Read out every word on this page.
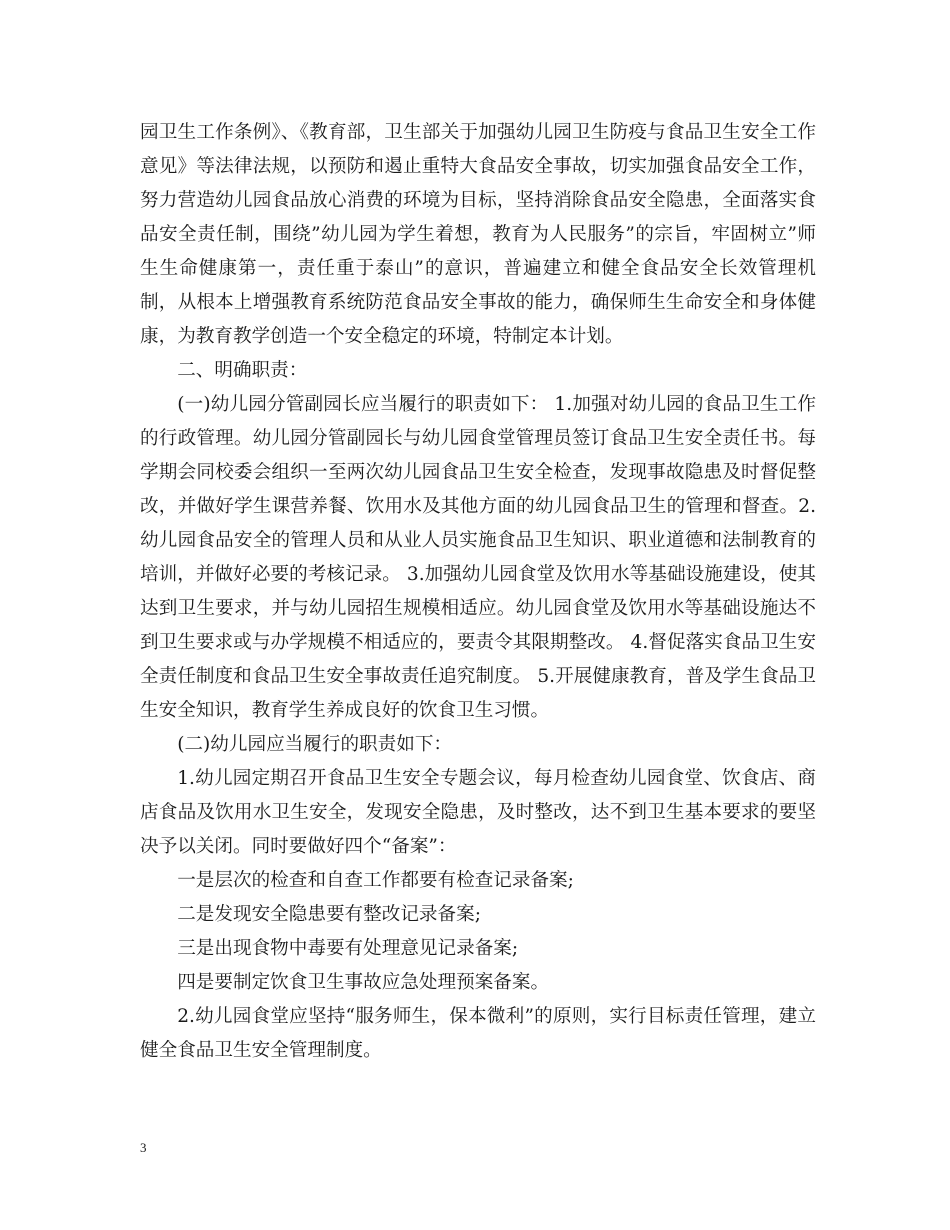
园卫生工作条例》、《教育部，卫生部关于加强幼儿园卫生防疫与食品卫生安全工作意见》等法律法规，以预防和遏止重特大食品安全事故，切实加强食品安全工作，努力营造幼儿园食品放心消费的环境为目标，坚持消除食品安全隐患，全面落实食品安全责任制，围绕”幼儿园为学生着想，教育为人民服务”的宗旨，牢固树立”师生生命健康第一，责任重于泰山”的意识，普遍建立和健全食品安全长效管理机制，从根本上增强教育系统防范食品安全事故的能力，确保师生生命安全和身体健康，为教育教学创造一个安全稳定的环境，特制定本计划。

二、明确职责：

(一)幼儿园分管副园长应当履行的职责如下： 1.加强对幼儿园的食品卫生工作的行政管理。幼儿园分管副园长与幼儿园食堂管理员签订食品卫生安全责任书。每学期会同校委会组织一至两次幼儿园食品卫生安全检查，发现事故隐患及时督促整改，并做好学生课营养餐、饮用水及其他方面的幼儿园食品卫生的管理和督查。2.幼儿园食品安全的管理人员和从业人员实施食品卫生知识、职业道德和法制教育的培训，并做好必要的考核记录。 3.加强幼儿园食堂及饮用水等基础设施建设，使其达到卫生要求，并与幼儿园招生规模相适应。幼儿园食堂及饮用水等基础设施达不到卫生要求或与办学规模不相适应的，要责令其限期整改。 4.督促落实食品卫生安全责任制度和食品卫生安全事故责任追究制度。 5.开展健康教育，普及学生食品卫生安全知识，教育学生养成良好的饮食卫生习惯。

(二)幼儿园应当履行的职责如下：

1.幼儿园定期召开食品卫生安全专题会议，每月检查幼儿园食堂、饮食店、商店食品及饮用水卫生安全，发现安全隐患，及时整改，达不到卫生基本要求的要坚决予以关闭。同时要做好四个“备案”：

一是层次的检查和自查工作都要有检查记录备案;

二是发现安全隐患要有整改记录备案;

三是出现食物中毒要有处理意见记录备案;

四是要制定饮食卫生事故应急处理预案备案。

2.幼儿园食堂应坚持“服务师生，保本微利”的原则，实行目标责任管理，建立健全食品卫生安全管理制度。

3
